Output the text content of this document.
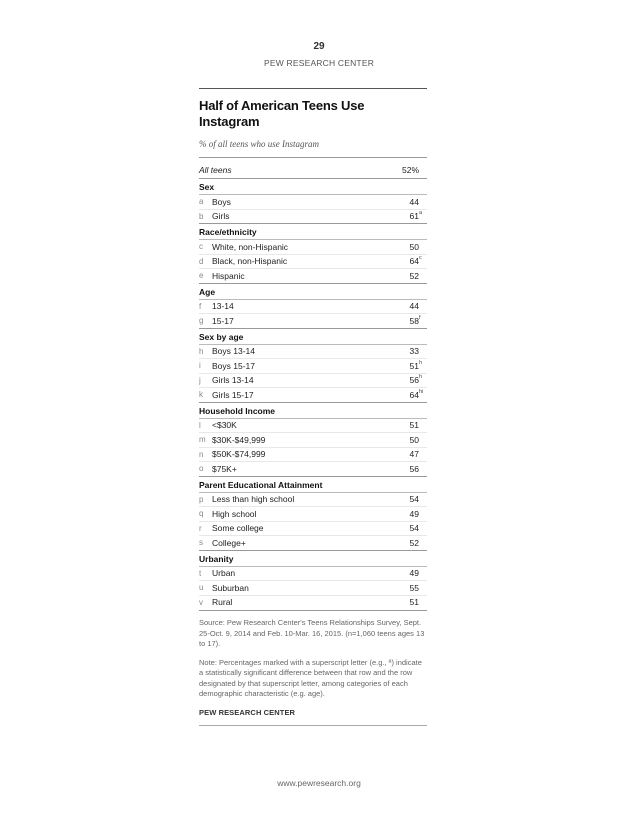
29
PEW RESEARCH CENTER
Half of American Teens Use Instagram
% of all teens who use Instagram
All teens	52%
Sex
a	Boys	44
b	Girls	61 a
Race/ethnicity
c	White, non-Hispanic	50
d	Black, non-Hispanic	64 c
e	Hispanic	52
Age
f	13-14	44
g	15-17	58 f
Sex by age
h	Boys 13-14	33
i	Boys 15-17	51 h
j	Girls 13-14	56 h
k	Girls 15-17	64 hi
Household Income
l	<$30K	51
m $30K-$49,999	50
n	$50K-$74,999	47
o	$75K+	56
Parent Educational Attainment
p	Less than high school	54
q	High school	49
r	Some college	54
s	College+	52
Urbanity
t	Urban	49
u	Suburban	55
v	Rural	51
Source: Pew Research Center's Teens Relationships Survey, Sept. 25-Oct. 9, 2014 and Feb. 10-Mar. 16, 2015. (n=1,060 teens ages 13 to 17).
Note: Percentages marked with a superscript letter (e.g., ª) indicate a statistically significant difference between that row and the row designated by that superscript letter, among categories of each demographic characteristic (e.g. age).
PEW RESEARCH CENTER
www.pewresearch.org
